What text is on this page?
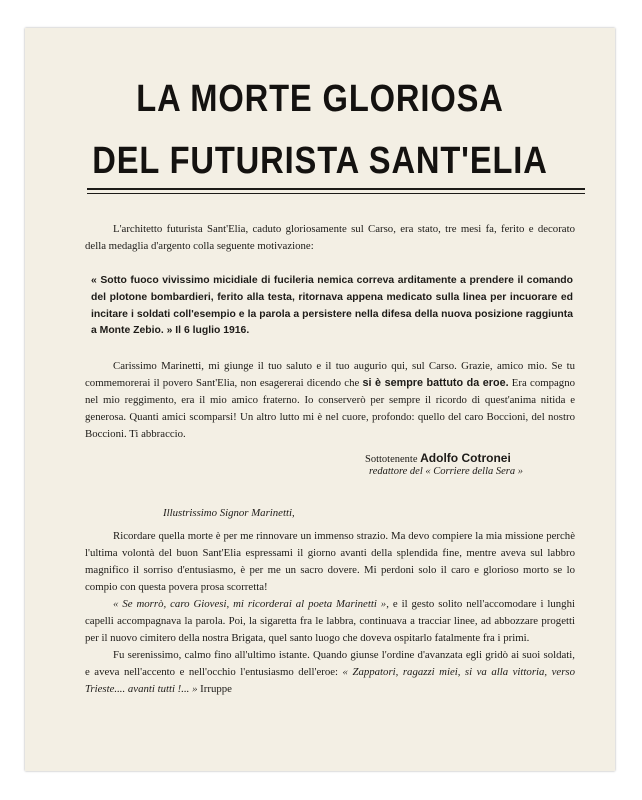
LA MORTE GLORIOSA
DEL FUTURISTA SANT'ELIA

L'architetto futurista Sant'Elia, caduto gloriosamente sul Carso, era stato, tre mesi fa, ferito e decorato della medaglia d'argento colla seguente motivazione:

« Sotto fuoco vivissimo micidiale di fucileria nemica correva arditamente a prendere il comando del plotone bombardieri, ferito alla testa, ritornava appena medicato sulla linea per incuorare ed incitare i soldati coll'esempio e la parola a persistere nella difesa della nuova posizione raggiunta a Monte Zebio. » Il 6 luglio 1916.

Carissimo Marinetti, mi giunge il tuo saluto e il tuo augurio qui, sul Carso. Grazie, amico mio. Se tu commemorerai il povero Sant'Elia, non esagererai dicendo che si è sempre battuto da eroe. Era compagno nel mio reggimento, era il mio amico fraterno. Io conserverò per sempre il ricordo di quest'anima nitida e generosa. Quanti amici scomparsi! Un altro lutto mi è nel cuore, profondo: quello del caro Boccioni, del nostro Boccioni. Ti abbraccio.

Sottotenente Adolfo Cotronei
redattore del « Corriere della Sera »
Illustrissimo Signor Marinetti,

Ricordare quella morte è per me rinnovare un immenso strazio. Ma devo compiere la mia missione perchè l'ultima volontà del buon Sant'Elia espressami il giorno avanti della splendida fine, mentre aveva sul labbro magnifico il sorriso d'entusiasmo, è per me un sacro dovere. Mi perdoni solo il caro e glorioso morto se lo compio con questa povera prosa scorretta!

« Se morrò, caro Giovesi, mi ricorderai al poeta Marinetti », e il gesto solito nell'accomodare i lunghi capelli accompagnava la parola. Poi, la sigaretta fra le labbra, continuava a tracciar linee, ad abbozzare progetti per il nuovo cimitero della nostra Brigata, quel santo luogo che doveva ospitarlo fatalmente fra i primi.

Fu serenissimo, calmo fino all'ultimo istante. Quando giunse l'ordine d'avanzata egli gridò ai suoi soldati, e aveva nell'accento e nell'occhio l'entusiasmo dell'eroe: « Zappatori, ragazzi miei, si va alla vittoria, verso Trieste.... avanti tutti !... » Irruppe
